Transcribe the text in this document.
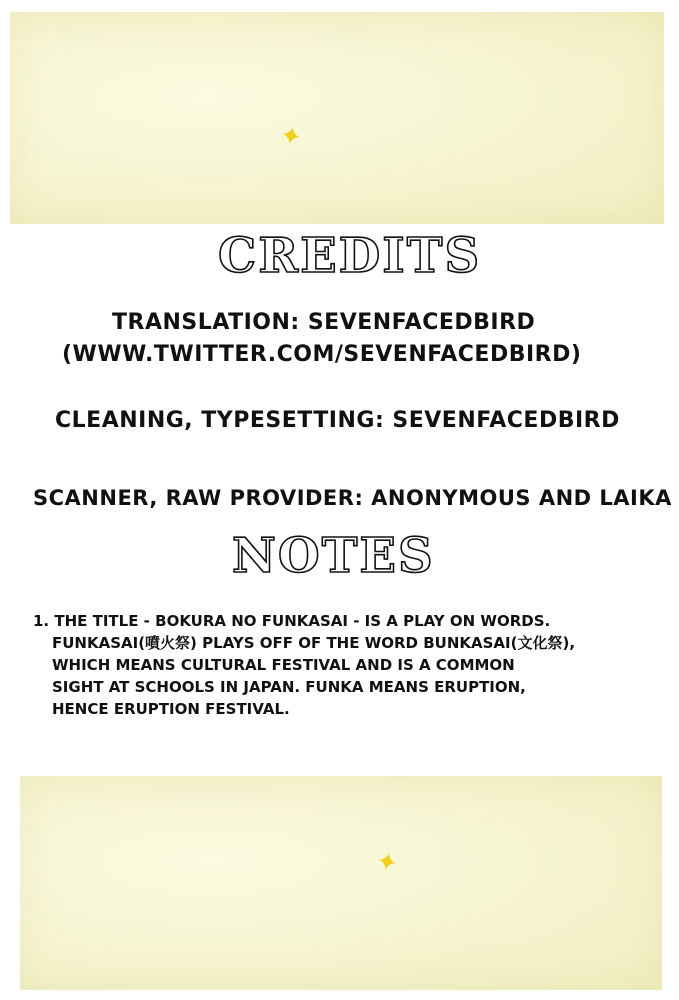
✦
CREDITS

TRANSLATION: SEVENFACEDBIRD

(WWW.TWITTER.COM/SEVENFACEDBIRD)

CLEANING, TYPESETTING: SEVENFACEDBIRD

SCANNER, RAW PROVIDER: ANONYMOUS AND LAIKA

NOTES
1. THE TITLE - BOKURA NO FUNKASAI - IS A PLAY ON WORDS.
FUNKASAI(噴火祭) PLAYS OFF OF THE WORD BUNKASAI(文化祭),
WHICH MEANS CULTURAL FESTIVAL AND IS A COMMON
SIGHT AT SCHOOLS IN JAPAN. FUNKA MEANS ERUPTION,
HENCE ERUPTION FESTIVAL.
✦
